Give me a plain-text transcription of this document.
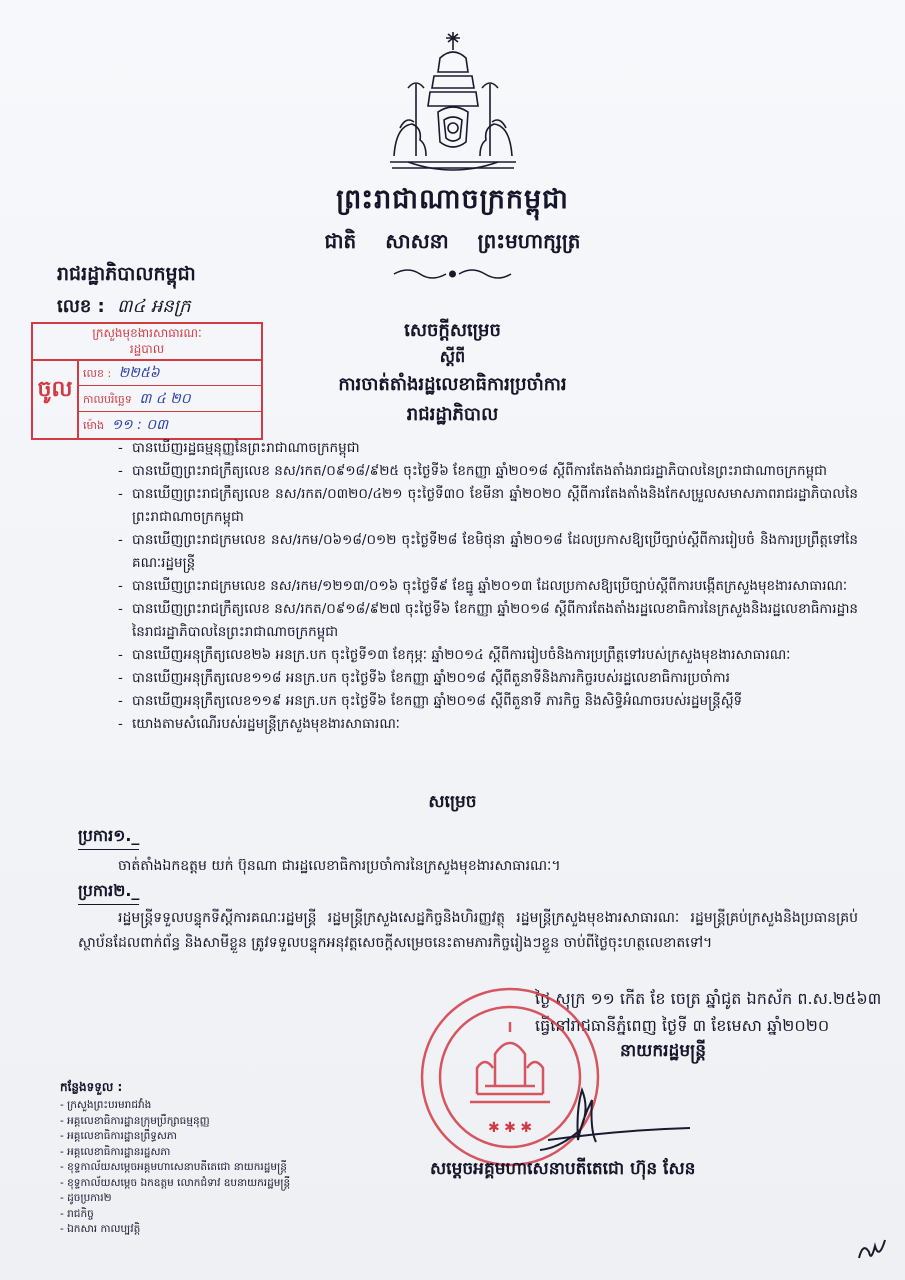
ព្រះរាជាណាចក្រកម្ពុជា
ជាតិ សាសនា ព្រះមហាក្សត្រ
រាជរដ្ឋាភិបាលកម្ពុជា
លេខ : ៣៤ អនក្រ
ក្រសួងមុខងារសាធារណៈ
រដ្ឋបាល
ចូល
លេខ : ២២៥៦
កាលបរិច្ឆេទ ៣ ៤ ២០
ម៉ោង ១១ : ០៣
សេចក្ដីសម្រេច
ស្ដីពី
ការចាត់តាំងរដ្ឋលេខាធិការប្រចាំការ
រាជរដ្ឋាភិបាល
- បានឃើញរដ្ឋធម្មនុញ្ញនៃព្រះរាជាណាចក្រកម្ពុជា
- បានឃើញព្រះរាជក្រឹត្យលេខ នស/រកត/០៩១៨/៩២៥ ចុះថ្ងៃទី៦ ខែកញ្ញា ឆ្នាំ២០១៨ ស្ដីពីការតែងតាំងរាជរដ្ឋាភិបាលនៃព្រះរាជាណាចក្រកម្ពុជា
- បានឃើញព្រះរាជក្រឹត្យលេខ នស/រកត/០៣២០/៤២១ ចុះថ្ងៃទី៣០ ខែមីនា ឆ្នាំ២០២០ ស្ដីពីការតែងតាំងនិងកែសម្រួលសមាសភាពរាជរដ្ឋាភិបាលនៃព្រះរាជាណាចក្រកម្ពុជា
- បានឃើញព្រះរាជក្រមលេខ នស/រកម/០៦១៨/០១២ ចុះថ្ងៃទី២៨ ខែមិថុនា ឆ្នាំ២០១៨ ដែលប្រកាសឱ្យប្រើច្បាប់ស្ដីពីការរៀបចំ និងការប្រព្រឹត្តទៅនៃគណៈរដ្ឋមន្ត្រី
- បានឃើញព្រះរាជក្រមលេខ នស/រកម/១២១៣/០១៦ ចុះថ្ងៃទី៩ ខែធ្នូ ឆ្នាំ២០១៣ ដែលប្រកាសឱ្យប្រើច្បាប់ស្ដីពីការបង្កើតក្រសួងមុខងារសាធារណៈ
- បានឃើញព្រះរាជក្រឹត្យលេខ នស/រកត/០៩១៨/៩២៧ ចុះថ្ងៃទី៦ ខែកញ្ញា ឆ្នាំ២០១៨ ស្ដីពីការតែងតាំងរដ្ឋលេខាធិការនៃក្រសួងនិងរដ្ឋលេខាធិការដ្ឋាននៃរាជរដ្ឋាភិបាលនៃព្រះរាជាណាចក្រកម្ពុជា
- បានឃើញអនុក្រឹត្យលេខ២៦ អនក្រ.បក ចុះថ្ងៃទី១៣ ខែកុម្ភៈ ឆ្នាំ២០១៤ ស្ដីពីការរៀបចំនិងការប្រព្រឹត្តទៅរបស់ក្រសួងមុខងារសាធារណៈ
- បានឃើញអនុក្រឹត្យលេខ១១៨ អនក្រ.បក ចុះថ្ងៃទី៦ ខែកញ្ញា ឆ្នាំ២០១៨ ស្ដីពីតួនាទីនិងភារកិច្ចរបស់រដ្ឋលេខាធិការប្រចាំការ
- បានឃើញអនុក្រឹត្យលេខ១១៩ អនក្រ.បក ចុះថ្ងៃទី៦ ខែកញ្ញា ឆ្នាំ២០១៨ ស្ដីពីតួនាទី ភារកិច្ច និងសិទ្ធិអំណាចរបស់រដ្ឋមន្ត្រីស្ដីទី
- យោងតាមសំណើរបស់រដ្ឋមន្ត្រីក្រសួងមុខងារសាធារណៈ
សម្រេច
ប្រការ១._
ចាត់តាំងឯកឧត្តម យក់ ប៊ុនណា ជារដ្ឋលេខាធិការប្រចាំការនៃក្រសួងមុខងារសាធារណៈ។
ប្រការ២._
រដ្ឋមន្ត្រីទទួលបន្ទុកទីស្ដីការគណៈរដ្ឋមន្ត្រី រដ្ឋមន្ត្រីក្រសួងសេដ្ឋកិច្ចនិងហិរញ្ញវត្ថុ រដ្ឋមន្ត្រីក្រសួងមុខងារសាធារណៈ រដ្ឋមន្ត្រីគ្រប់ក្រសួងនិងប្រធានគ្រប់ស្ថាប័នដែលពាក់ព័ន្ធ និងសាមីខ្លួន ត្រូវទទួលបន្ទុកអនុវត្តសេចក្ដីសម្រេចនេះតាមភារកិច្ចរៀងៗខ្លួន ចាប់ពីថ្ងៃចុះហត្ថលេខាតទៅ។
ថ្ងៃ សុក្រ ១១ កើត ខែ ចេត្រ ឆ្នាំជូត ឯកស័ក ព.ស.២៥៦៣
ធ្វើនៅរាជធានីភ្នំពេញ ថ្ងៃទី ៣ ខែមេសា ឆ្នាំ២០២០
✱ ✱ ✱
នាយករដ្ឋមន្ត្រី
សម្ដេចអគ្គមហាសេនាបតីតេជោ ហ៊ុន សែន
កន្លែងទទួល :
- ក្រសួងព្រះបរមរាជវាំង
- អគ្គលេខាធិការដ្ឋានក្រុមប្រឹក្សាធម្មនុញ្ញ
- អគ្គលេខាធិការដ្ឋានព្រឹទ្ធសភា
- អគ្គលេខាធិការដ្ឋានរដ្ឋសភា
- ខុទ្ទកាល័យសម្ដេចអគ្គមហាសេនាបតីតេជោ នាយករដ្ឋមន្ត្រី
- ខុទ្ទកាល័យសម្ដេច ឯកឧត្តម លោកជំទាវ ឧបនាយករដ្ឋមន្ត្រី
- ដូចប្រការ២
- រាជកិច្ច
- ឯកសារ កាលប្បវត្តិ
